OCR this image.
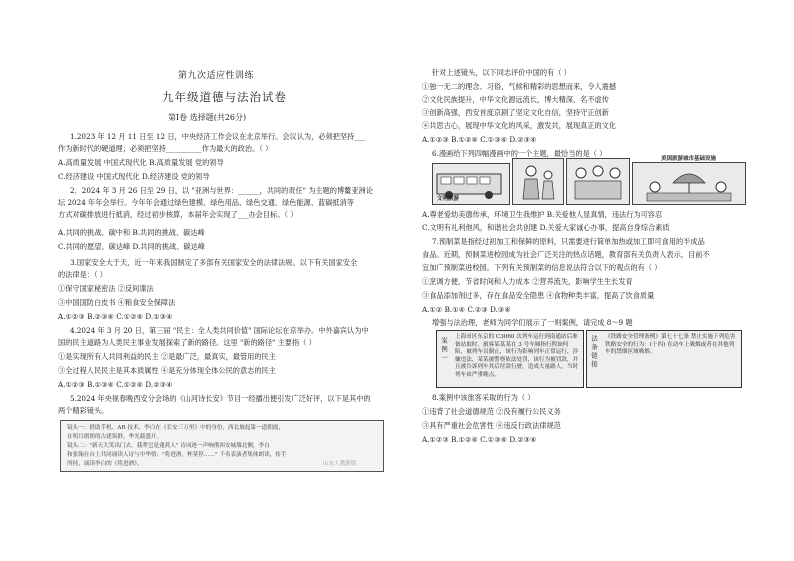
第九次适应性训练
九年级道德与法治试卷
第Ⅰ卷 选择题(共26分)
1.2023 年 12 月 11 日至 12 日，中央经济工作会议在北京举行。会议认为，必须把坚持___
作为新时代的硬道理；必须把坚持__________作为最大的政治。（ ）
A.高质量发展 中国式现代化 B.高质量发展 党的领导
C.经济建设 中国式现代化 D.经济建设 党的领导
2．2024 年 3 月 26 日至 29 日，以 "亚洲与世界：______，共同的责任" 为主题的博鳌亚洲论
坛 2024 年年会举行。今年年会通过绿色建模、绿色用品、绿色交通、绿色能源、蓝碳抵消等
方式对碳排放进行抵消，经过初步核算，本届年会实现了___办会目标。（ ）
A.共同的挑战、碳中和 B.共同的挑战、碳达峰
C.共同的愿望、碳达峰 D.共同的挑战、碳达峰
3.国家安全大于天，近一年来我国制定了多部有关国家安全的法律法规。以下有关国家安全
的法律是：（ ）
①保守国家秘密法 ②反间谍法
③中国国防白皮书 ④粮食安全保障法
A.①②③ B.②③④ C.①②④ D.①③④
4.2024 年 3 月 20 日，第三届 "民主：全人类共同价值" 国际论坛在京举办。中外嘉宾认为中
国的民主道路为人类民主事业发展探索了新的路径。这里 "新的路径" 主要指（ ）
①是实现所有人共同利益的民主 ②是最广泛，最真实，最管用的民主
③全过程人民民主是其本质属性 ④是充分体现全体公民的意志的民主
A.①②③ B.①③④ C.①②④ D.②③④
5.2024 年央视春晚西安分会场的《山河诗长安》节目一经播出便引发广泛好评，以下是其中的
两个精彩镜头。
镜头一：借助手机、AR 技术，李白在《长安三万里》中的身份，西北坡起第一道朝霞，
在明月朗照的古建筑群，华光载盛开。
镜头二："新天大笑出门去，我辈岂是蓬蒿人" 诗词逐一声响彻西安城墙北侧，李白
和张翰在台上共同诵读人诗与中华情；"将进酒，杯莫停……" 千名表演者集体朗读，传手
所持，诵读李白的《将进酒》。	山东人教新版
针对上述镜头，以下同志评价中国的有（ ）
①独一无二的理念、习俗，气候和精彩的思想而来，令人震撼
②文化民族提升，中华文化源远流长，博大精深，名不虚传
③创新高强，西安首度京剧了坚定文化自信，坚持守正创新
④共思古心，展现中华文化的风采，激发共，展现真正的文化
A.①②③ B.①②④ C.①③④ D.②③④
6.漫画给下列四幅漫画中的一个主题，最恰当的是（ ）
文明旅游
美国旅游城市基础设施
A.尊老爱幼美德传承，环境卫生我维护 B.关爱他人显真情，违法行为可容忍
C.文明有礼利他风，和谐社会共创建 D.关爱大家诚心办事，提高自身综合素质
7.预制菜是指经过初加工和保鲜的原料，只需要进行简单加热或加工即可食用的半成品
食品。近期，预制菜进校园成为社会广泛关注的热点话题，教育部有关负责人表示，目前不
宜加广预制菜进校园。下列有关预制菜的信息说法符合以下的观点的有（ ）
①烹调方便，节省时间和人力成本 ②营养流失，影响学生生长发育
③食品添加剂过多，存在食品安全隐患 ④食物种类丰富，提高了饮食质量
A.①② B.①④ C.②③ D.③④
增强与法治理，老师为同学们展示了一则案例，请完成 8～9 题
案例一 上海市区东京的 C3060 次列车运行到南通站后准备站取时，旅客某某某在 3 号车厢指行程如何陷，被列车员制止，该行为影响列车正常运行，涉嫌违法，某某被警察依法处罚，该行为被罚款，并且被告诉列车其后付款行驶，造成大量路人，当时列车由严重晚点。
法条链接 《铁路安全管理条例》第七十七条 禁止实施下列危害铁路安全的行为：(十四) 在动车上吸烟或者在其他列车的禁烟区域吸烟。
8.案例中该旅客采取的行为（ ）
①违背了社会道德规范 ②没有履行公民义务
③具有严重社会危害性 ④违反行政法律规范
A.①②③ B.①②④ C.①③④ D.②③④
